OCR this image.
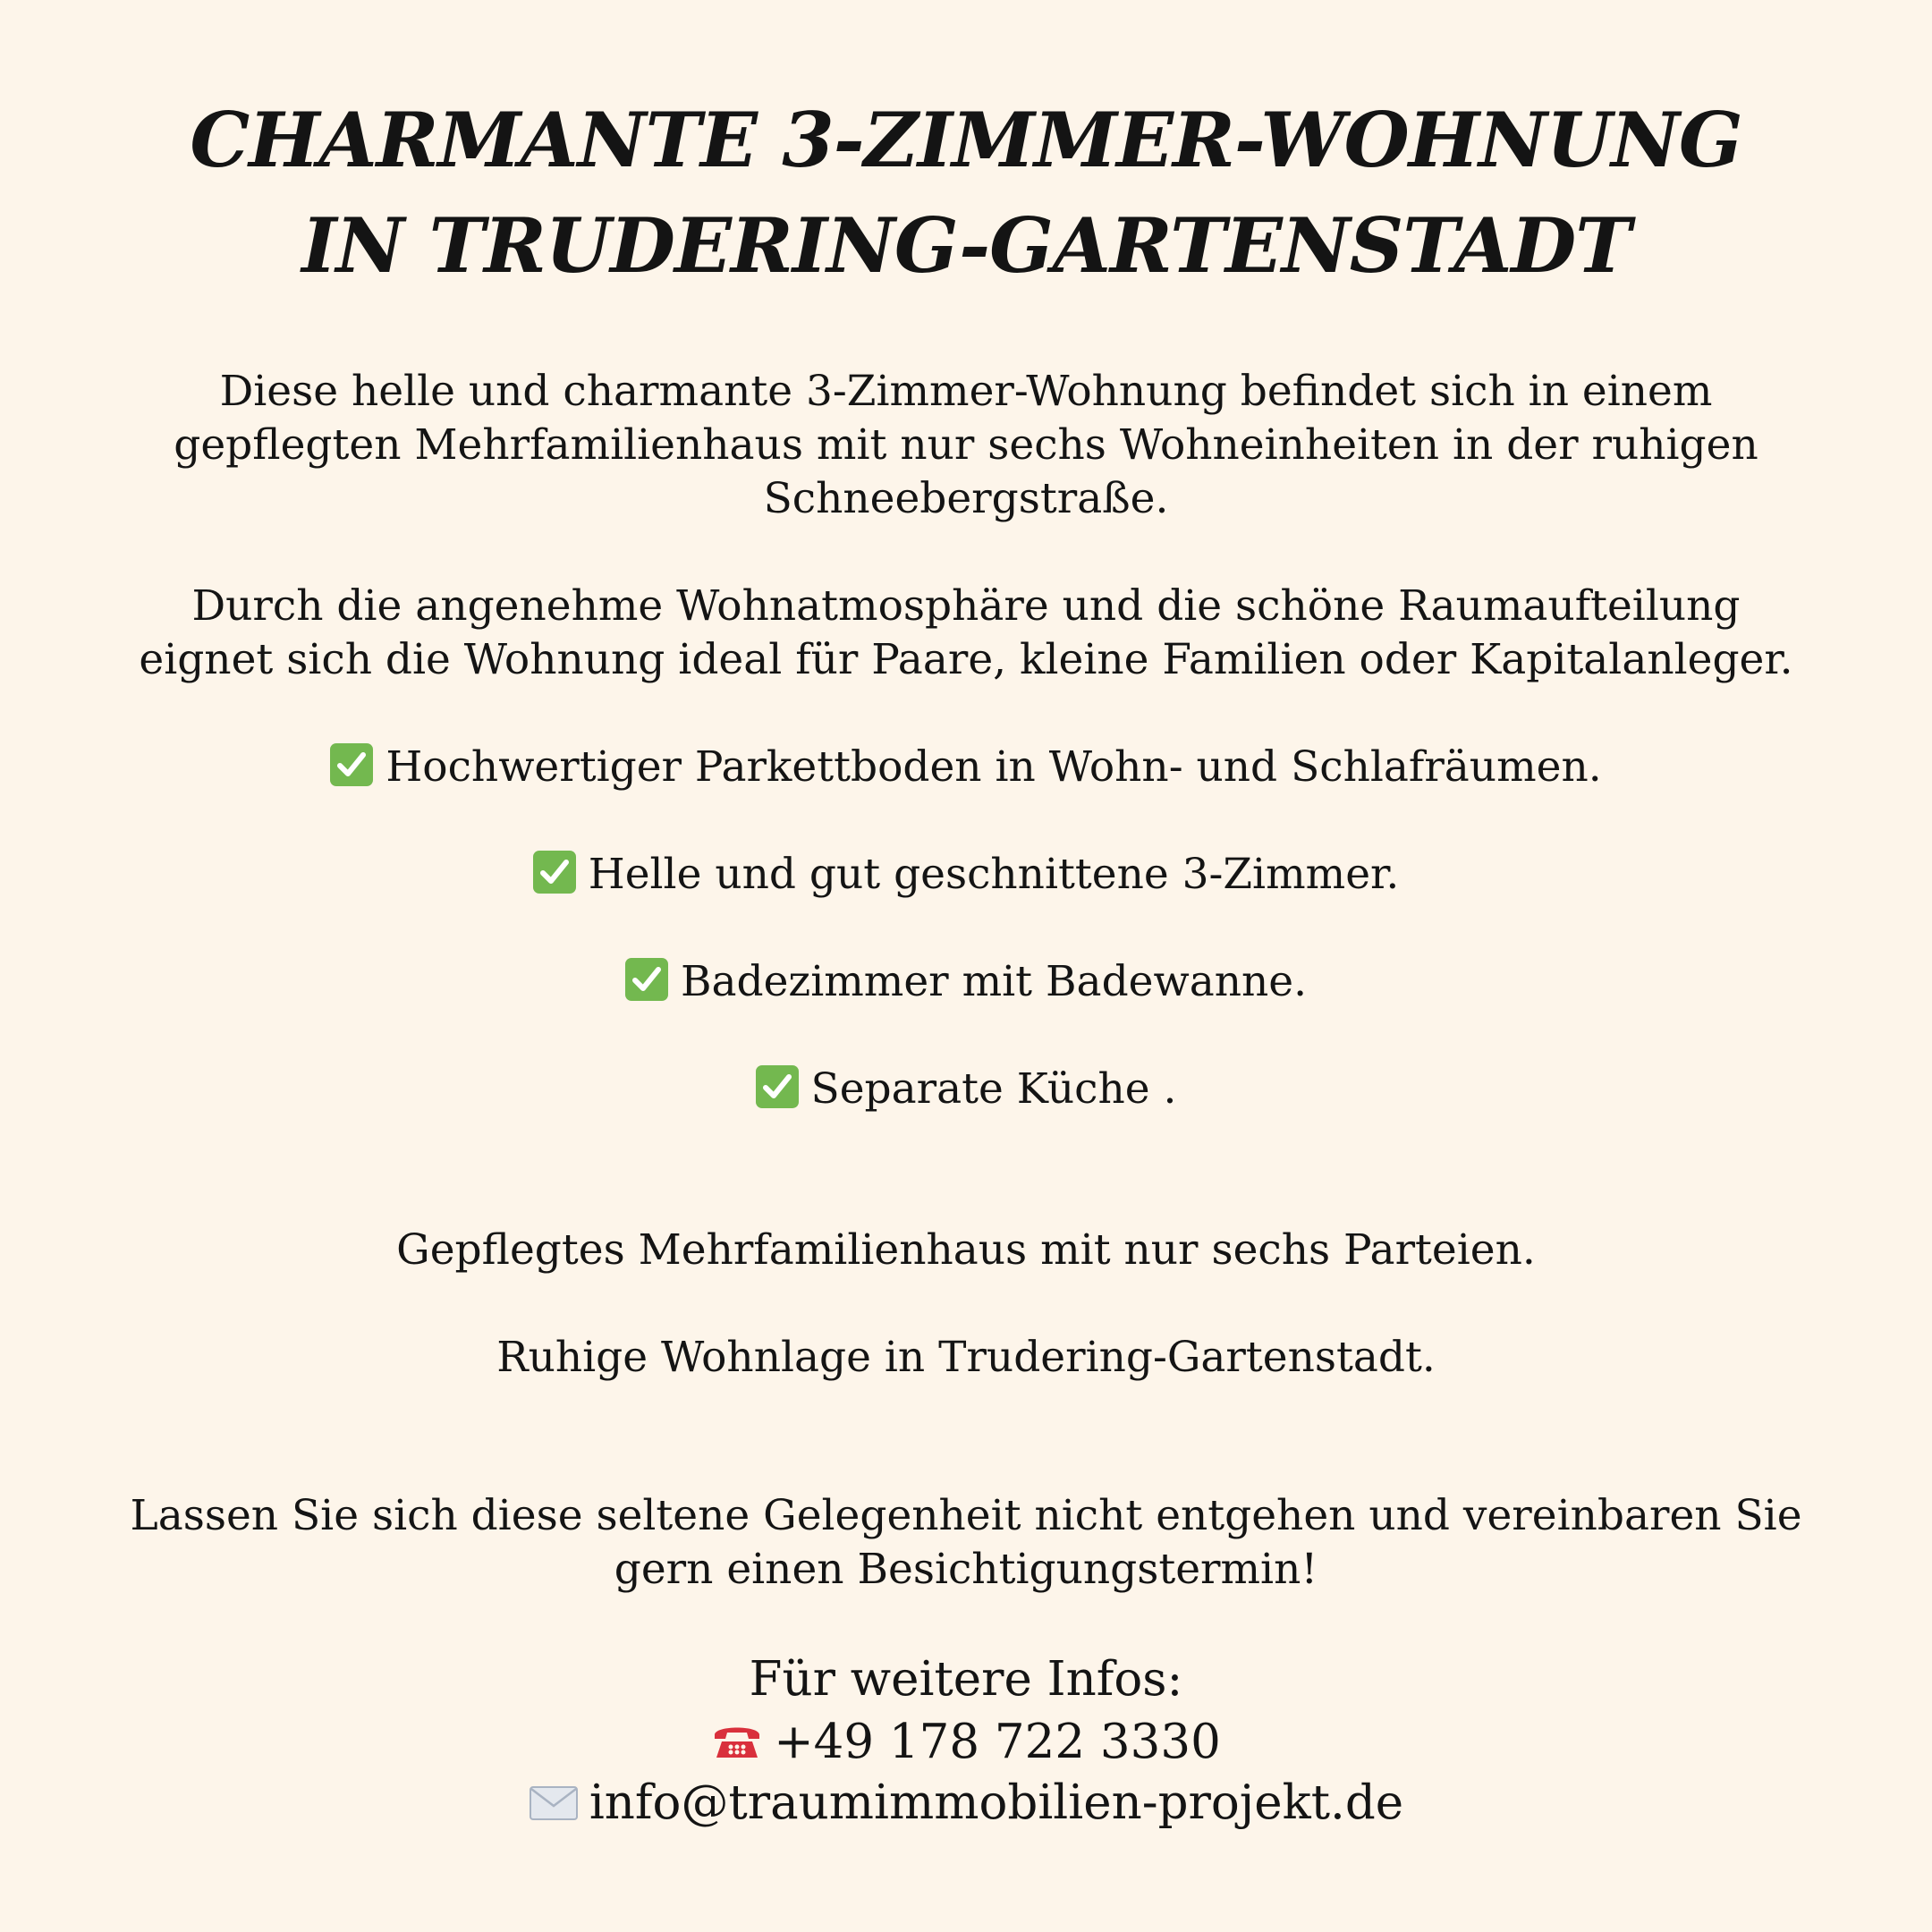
CHARMANTE 3-ZIMMER-WOHNUNG
IN TRUDERING-GARTENSTADT
Diese helle und charmante 3-Zimmer-Wohnung befindet sich in einem
gepflegten Mehrfamilienhaus mit nur sechs Wohneinheiten in der ruhigen
Schneebergstraße.
Durch die angenehme Wohnatmosphäre und die schöne Raumaufteilung
eignet sich die Wohnung ideal für Paare, kleine Familien oder Kapitalanleger.
Hochwertiger Parkettboden in Wohn- und Schlafräumen.
Helle und gut geschnittene 3-Zimmer.
Badezimmer mit Badewanne.
Separate Küche .
Gepflegtes Mehrfamilienhaus mit nur sechs Parteien.
Ruhige Wohnlage in Trudering-Gartenstadt.
Lassen Sie sich diese seltene Gelegenheit nicht entgehen und vereinbaren Sie
gern einen Besichtigungstermin!
Für weitere Infos:
+49 178 722 3330
info@traumimmobilien-projekt.de
